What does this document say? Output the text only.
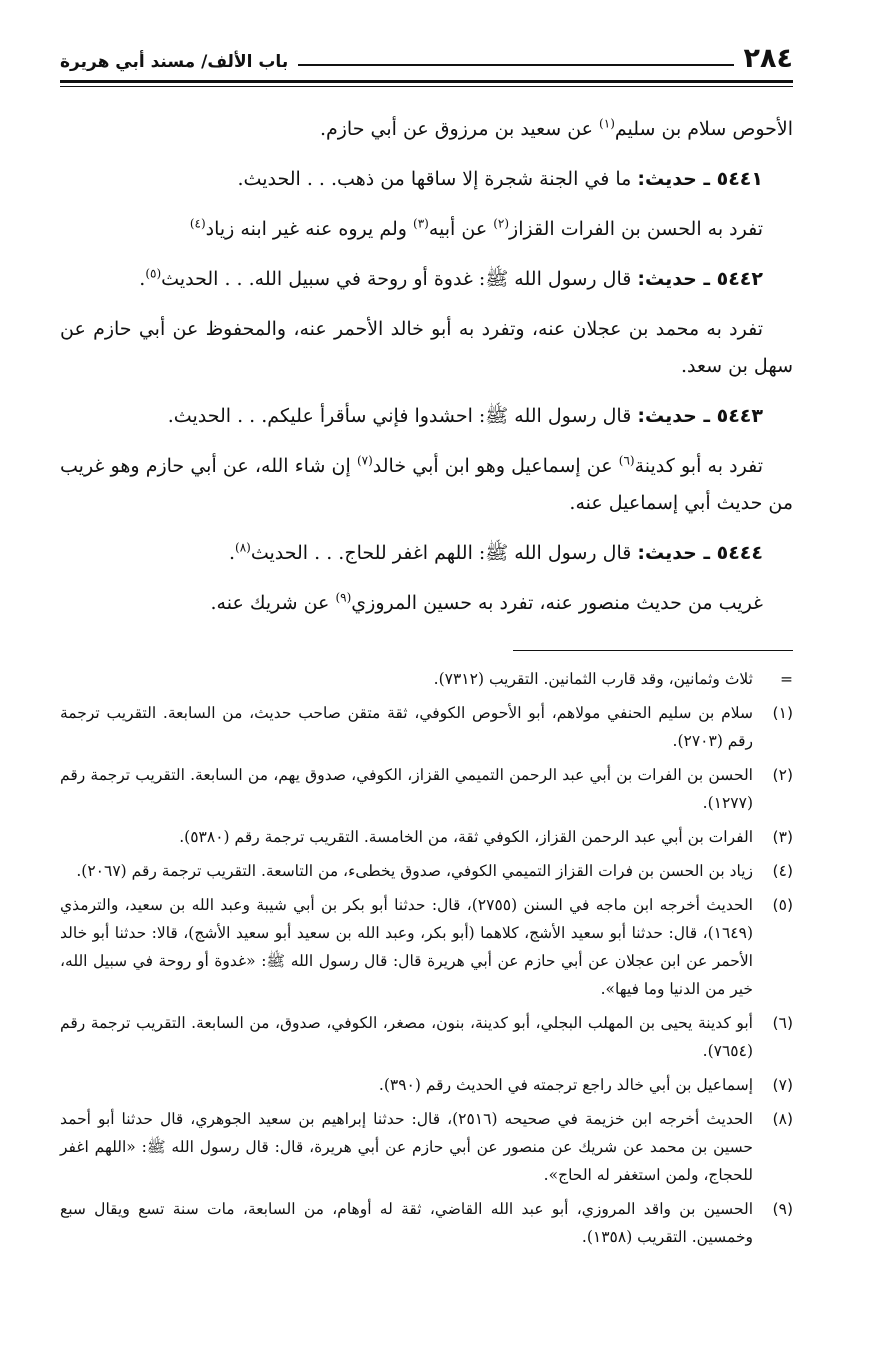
٢٨٤
باب الألف/ مسند أبي هريرة

الأحوص سلام بن سليم$^{(١)}$ عن سعيد بن مرزوق عن أبي حازم.

٥٤٤١ ـ حديث: ما في الجنة شجرة إلا ساقها من ذهب. . . الحديث.

تفرد به الحسن بن الفرات القزاز$^{(٢)}$ عن أبيه$^{(٣)}$ ولم يروه عنه غير ابنه زياد$^{(٤)}$

٥٤٤٢ ـ حديث: قال رسول الله ﷺ: غدوة أو روحة في سبيل الله. . . الحديث$^{(٥)}$.

تفرد به محمد بن عجلان عنه، وتفرد به أبو خالد الأحمر عنه، والمحفوظ عن أبي حازم عن سهل بن سعد.

٥٤٤٣ ـ حديث: قال رسول الله ﷺ: احشدوا فإني سأقرأ عليكم. . . الحديث.

تفرد به أبو كدينة$^{(٦)}$ عن إسماعيل وهو ابن أبي خالد$^{(٧)}$ إن شاء الله، عن أبي حازم وهو غريب من حديث أبي إسماعيل عنه.

٥٤٤٤ ـ حديث: قال رسول الله ﷺ: اللهم اغفر للحاج. . . الحديث$^{(٨)}$.

غريب من حديث منصور عنه، تفرد به حسين المروزي$^{(٩)}$ عن شريك عنه.

=
ثلاث وثمانين، وقد قارب الثمانين. التقريب (٧٣١٢).
(١)
سلام بن سليم الحنفي مولاهم، أبو الأحوص الكوفي، ثقة متقن صاحب حديث، من السابعة. التقريب ترجمة رقم (٢٧٠٣).
(٢)
الحسن بن الفرات بن أبي عبد الرحمن التميمي القزاز، الكوفي، صدوق يهم، من السابعة. التقريب ترجمة رقم (١٢٧٧).
(٣)
الفرات بن أبي عبد الرحمن القزاز، الكوفي ثقة، من الخامسة. التقريب ترجمة رقم (٥٣٨٠).
(٤)
زياد بن الحسن بن فرات القزاز التميمي الكوفي، صدوق يخطىء، من التاسعة. التقريب ترجمة رقم (٢٠٦٧).
(٥)
الحديث أخرجه ابن ماجه في السنن (٢٧٥٥)، قال: حدثنا أبو بكر بن أبي شيبة وعبد الله بن سعيد، والترمذي (١٦٤٩)، قال: حدثنا أبو سعيد الأشج، كلاهما (أبو بكر، وعبد الله بن سعيد أبو سعيد الأشج)، قالا: حدثنا أبو خالد الأحمر عن ابن عجلان عن أبي حازم عن أبي هريرة قال: قال رسول الله ﷺ: «غدوة أو روحة في سبيل الله، خير من الدنيا وما فيها».
(٦)
أبو كدينة يحيى بن المهلب البجلي، أبو كدينة، بنون، مصغر، الكوفي، صدوق، من السابعة. التقريب ترجمة رقم (٧٦٥٤).
(٧)
إسماعيل بن أبي خالد راجع ترجمته في الحديث رقم (٣٩٠).
(٨)
الحديث أخرجه ابن خزيمة في صحيحه (٢٥١٦)، قال: حدثنا إبراهيم بن سعيد الجوهري، قال حدثنا أبو أحمد حسين بن محمد عن شريك عن منصور عن أبي حازم عن أبي هريرة، قال: قال رسول الله ﷺ: «اللهم اغفر للحجاج، ولمن استغفر له الحاج».
(٩)
الحسين بن واقد المروزي، أبو عبد الله القاضي، ثقة له أوهام، من السابعة، مات سنة تسع ويقال سبع وخمسين. التقريب (١٣٥٨).
